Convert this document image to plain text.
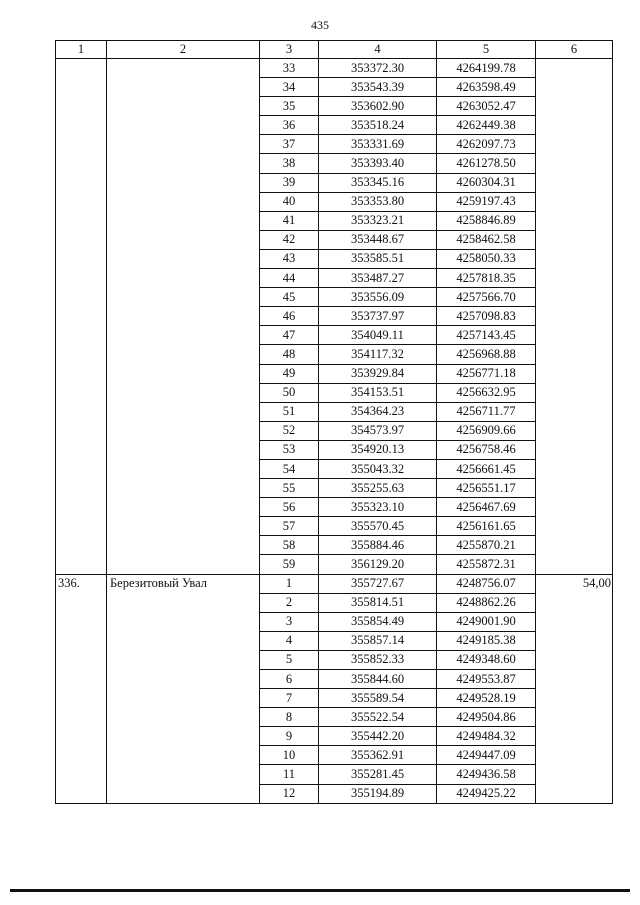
435
1	2	3	4	5	6
		33	353372.30	4264199.78	
		34	353543.39	4263598.49	
		35	353602.90	4263052.47	
		36	353518.24	4262449.38	
		37	353331.69	4262097.73	
		38	353393.40	4261278.50	
		39	353345.16	4260304.31	
		40	353353.80	4259197.43	
		41	353323.21	4258846.89	
		42	353448.67	4258462.58	
		43	353585.51	4258050.33	
		44	353487.27	4257818.35	
		45	353556.09	4257566.70	
		46	353737.97	4257098.83	
		47	354049.11	4257143.45	
		48	354117.32	4256968.88	
		49	353929.84	4256771.18	
		50	354153.51	4256632.95	
		51	354364.23	4256711.77	
		52	354573.97	4256909.66	
		53	354920.13	4256758.46	
		54	355043.32	4256661.45	
		55	355255.63	4256551.17	
		56	355323.10	4256467.69	
		57	355570.45	4256161.65	
		58	355884.46	4255870.21	
		59	356129.20	4255872.31	
336.	Березитовый Увал	1	355727.67	4248756.07	54,00
		2	355814.51	4248862.26	
		3	355854.49	4249001.90	
		4	355857.14	4249185.38	
		5	355852.33	4249348.60	
		6	355844.60	4249553.87	
		7	355589.54	4249528.19	
		8	355522.54	4249504.86	
		9	355442.20	4249484.32	
		10	355362.91	4249447.09	
		11	355281.45	4249436.58	
		12	355194.89	4249425.22	
